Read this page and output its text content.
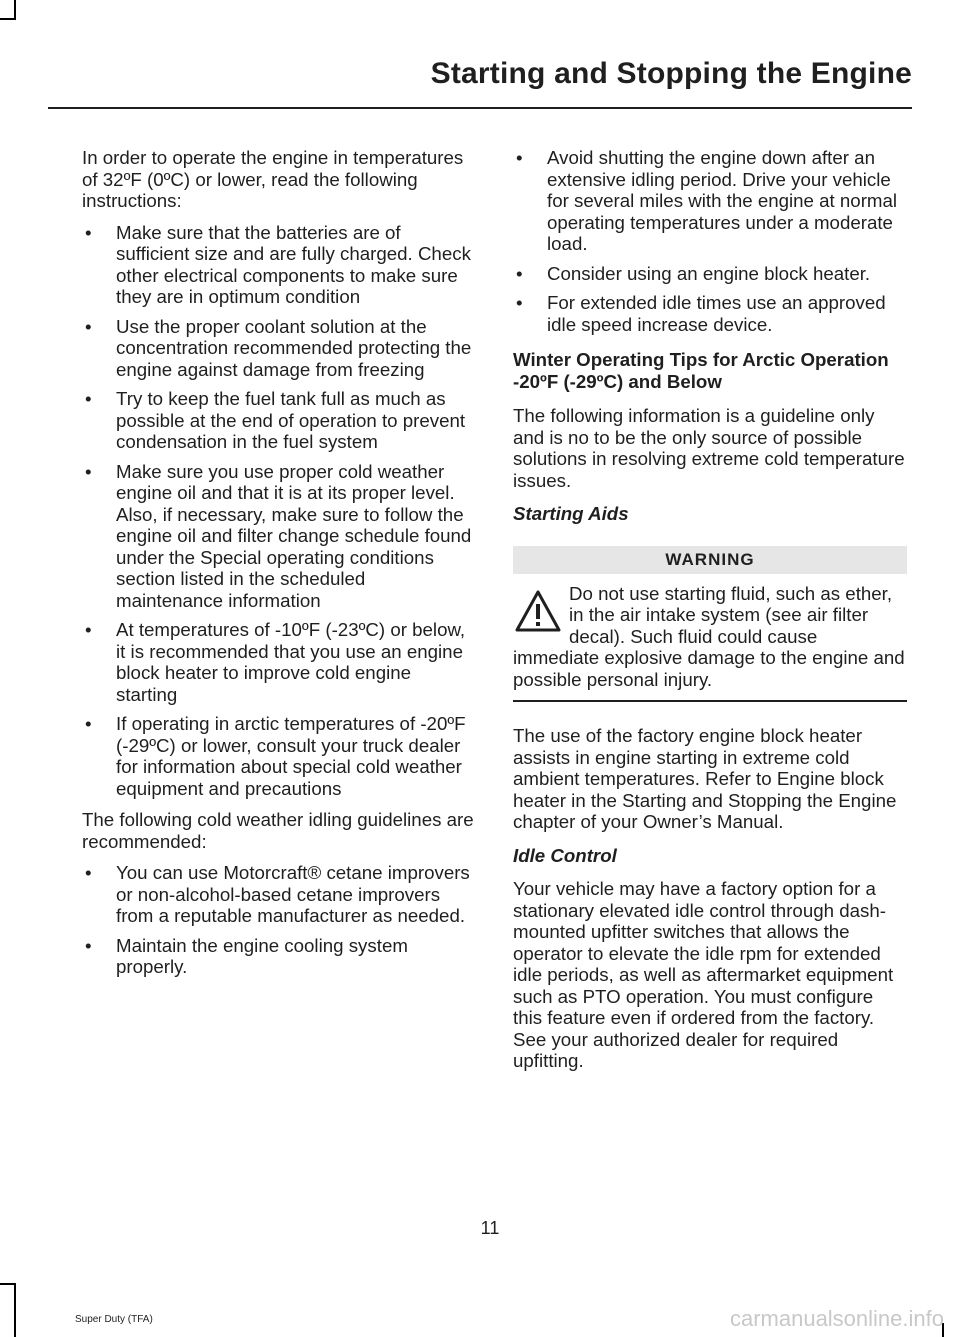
Starting and Stopping the Engine

In order to operate the engine in temperatures of 32ºF (0ºC) or lower, read the following instructions:

• Make sure that the batteries are of sufficient size and are fully charged. Check other electrical components to make sure they are in optimum condition
• Use the proper coolant solution at the concentration recommended protecting the engine against damage from freezing
• Try to keep the fuel tank full as much as possible at the end of operation to prevent condensation in the fuel system
• Make sure you use proper cold weather engine oil and that it is at its proper level. Also, if necessary, make sure to follow the engine oil and filter change schedule found under the Special operating conditions section listed in the scheduled maintenance information
• At temperatures of -10ºF (-23ºC) or below, it is recommended that you use an engine block heater to improve cold engine starting
• If operating in arctic temperatures of -20ºF (-29ºC) or lower, consult your truck dealer for information about special cold weather equipment and precautions

The following cold weather idling guidelines are recommended:

• You can use Motorcraft® cetane improvers or non-alcohol-based cetane improvers from a reputable manufacturer as needed.
• Maintain the engine cooling system properly.
• Avoid shutting the engine down after an extensive idling period. Drive your vehicle for several miles with the engine at normal operating temperatures under a moderate load.
• Consider using an engine block heater.
• For extended idle times use an approved idle speed increase device.
Winter Operating Tips for Arctic Operation -20ºF (-29ºC) and Below

The following information is a guideline only and is no to be the only source of possible solutions in resolving extreme cold temperature issues.

Starting Aids
WARNING

Do not use starting fluid, such as ether, in the air intake system (see air filter decal). Such fluid could cause immediate explosive damage to the engine and possible personal injury.

The use of the factory engine block heater assists in engine starting in extreme cold ambient temperatures. Refer to Engine block heater in the Starting and Stopping the Engine chapter of your Owner’s Manual.

Idle Control

Your vehicle may have a factory option for a stationary elevated idle control through dash-mounted upfitter switches that allows the operator to elevate the idle rpm for extended idle periods, as well as aftermarket equipment such as PTO operation. You must configure this feature even if ordered from the factory. See your authorized dealer for required upfitting.

11
Super Duty (TFA)	carmanualsonline.info
